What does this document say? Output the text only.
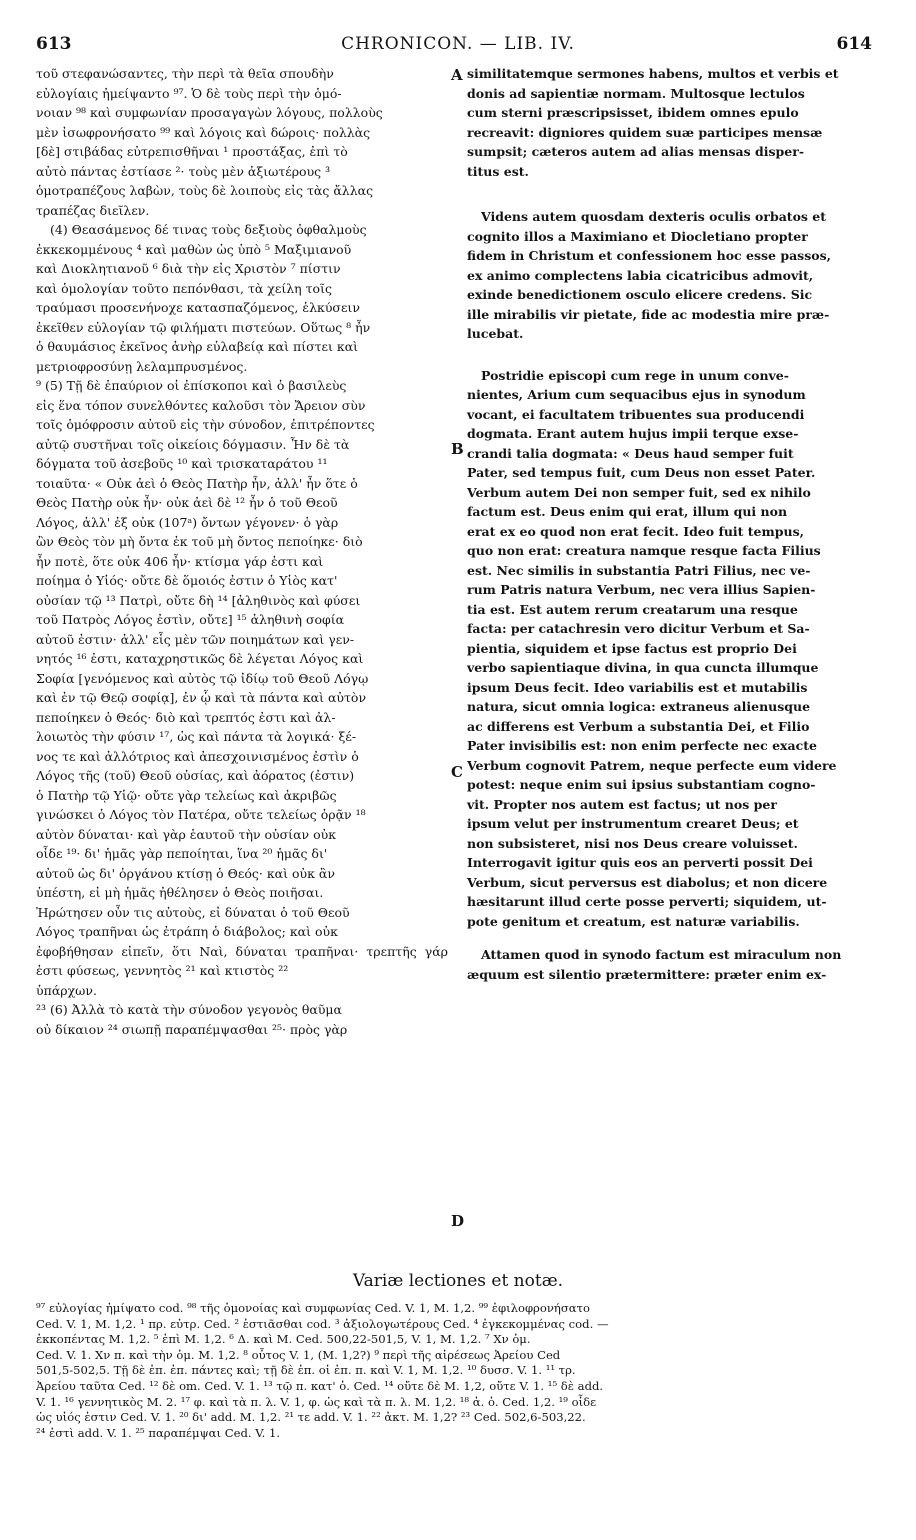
613	CHRONICON. — LIB. IV.	614

τοῦ στεφανώσαντες, τὴν περὶ τὰ θεῖα σπουδὴν
εὐλογίαις ἠμείψαντο ⁹⁷. Ὁ δὲ τοὺς περὶ τὴν ὁμό-
νοιαν ⁹⁸ καὶ συμφωνίαν προσαγαγὼν λόγους, πολλοὺς
μὲν ἰσωφρονήσατο ⁹⁹ καὶ λόγοις καὶ δώροις· πολλὰς
[δὲ] στιβάδας εὐτρεπισθῆναι ¹ προστάξας, ἐπὶ τὸ
αὐτὸ πάντας ἑστίασε ²· τοὺς μὲν ἀξιωτέρους ³
ὁμοτραπέζους λαβὼν, τοὺς δὲ λοιποὺς εἰς τὰς ἄλλας
τραπέζας διεῖλεν.

(4) Θεασάμενος δέ τινας τοὺς δεξιοὺς ὀφθαλμοὺς
ἐκκεκομμένους ⁴ καὶ μαθὼν ὡς ὑπὸ ⁵ Μαξιμιανοῦ
καὶ Διοκλητιανοῦ ⁶ διὰ τὴν εἰς Χριστὸν ⁷ πίστιν
καὶ ὁμολογίαν τοῦτο πεπόνθασι, τὰ χείλη τοῖς
τραύμασι προσενήνοχε κατασπαζόμενος, ἑλκύσειν
ἐκεῖθεν εὐλογίαν τῷ φιλήματι πιστεύων. Οὕτως ⁸ ἦν
ὁ θαυμάσιος ἐκεῖνος ἀνὴρ εὐλαβείᾳ καὶ πίστει καὶ
μετριοφροσύνῃ λελαμπρυσμένος.

⁹ (5) Τῇ δὲ ἐπαύριον οἱ ἐπίσκοποι καὶ ὁ βασιλεὺς
εἰς ἕνα τόπον συνελθόντες καλοῦσι τὸν Ἄρειον σὺν
τοῖς ὁμόφροσιν αὐτοῦ εἰς τὴν σύνοδον, ἐπιτρέποντες
αὐτῷ συστῆναι τοῖς οἰκείοις δόγμασιν. Ἦν δὲ τὰ
δόγματα τοῦ ἀσεβοῦς ¹⁰ καὶ τρισκαταράτου ¹¹
τοιαῦτα· « Οὐκ ἀεὶ ὁ Θεὸς Πατὴρ ἦν, ἀλλ' ἦν ὅτε ὁ
Θεὸς Πατὴρ οὐκ ἦν· οὐκ ἀεὶ δὲ ¹² ἦν ὁ τοῦ Θεοῦ
Λόγος, ἀλλ' ἐξ οὐκ (107ᵃ) ὄντων γέγονεν· ὁ γὰρ
ὢν Θεὸς τὸν μὴ ὄντα ἐκ τοῦ μὴ ὄντος πεποίηκε· διὸ
ἦν ποτὲ, ὅτε οὐκ 406 ἦν· κτίσμα γάρ ἐστι καὶ
ποίημα ὁ Υἱός· οὔτε δὲ ὅμοιός ἐστιν ὁ Υἱὸς κατ'
οὐσίαν τῷ ¹³ Πατρὶ, οὔτε δὴ ¹⁴ [ἀληθινὸς καὶ φύσει
τοῦ Πατρὸς Λόγος ἐστὶν, οὔτε] ¹⁵ ἀληθινὴ σοφία
αὐτοῦ ἐστιν· ἀλλ' εἷς μὲν τῶν ποιημάτων καὶ γεν-
νητός ¹⁶ ἐστι, καταχρηστικῶς δὲ λέγεται Λόγος καὶ
Σοφία [γενόμενος καὶ αὐτὸς τῷ ἰδίῳ τοῦ Θεοῦ Λόγῳ
καὶ ἐν τῷ Θεῷ σοφίᾳ], ἐν ᾧ καὶ τὰ πάντα καὶ αὐτὸν
πεποίηκεν ὁ Θεός· διὸ καὶ τρεπτός ἐστι καὶ ἀλ-
λοιωτὸς τὴν φύσιν ¹⁷, ὡς καὶ πάντα τὰ λογικά· ξέ-
νος τε καὶ ἀλλότριος καὶ ἀπεσχοινισμένος ἐστὶν ὁ
Λόγος τῆς (τοῦ) Θεοῦ οὐσίας, καὶ ἀόρατος (ἐστιν)
ὁ Πατὴρ τῷ Υἱῷ· οὔτε γὰρ τελείως καὶ ἀκριβῶς
γινώσκει ὁ Λόγος τὸν Πατέρα, οὔτε τελείως ὁρᾷν ¹⁸
αὐτὸν δύναται· καὶ γὰρ ἑαυτοῦ τὴν οὐσίαν οὐκ
οἶδε ¹⁹· δι' ἡμᾶς γὰρ πεποίηται, ἵνα ²⁰ ἡμᾶς δι'
αὐτοῦ ὡς δι' ὀργάνου κτίσῃ ὁ Θεός· καὶ οὐκ ἂν
ὑπέστη, εἰ μὴ ἡμᾶς ἠθέλησεν ὁ Θεὸς ποιῆσαι.
Ἠρώτησεν οὖν τις αὐτοὺς, εἰ δύναται ὁ τοῦ Θεοῦ
Λόγος τραπῆναι ὡς ἐτράπη ὁ διάβολος; καὶ οὐκ
ἐφοβήθησαν εἰπεῖν, ὅτι Ναὶ, δύναται τραπῆναι· τρεπτῆς γάρ ἐστι φύσεως, γεννητὸς ²¹ καὶ κτιστὸς ²²
ὑπάρχων.

²³ (6) Ἀλλὰ τὸ κατὰ τὴν σύνοδον γεγονὸς θαῦμα
οὐ δίκαιον ²⁴ σιωπῇ παραπέμψασθαι ²⁵· πρὸς γὰρ

A
B
C
D

similitatemque sermones habens, multos et verbis et
donis ad sapientiæ normam. Multosque lectulos
cum sterni præscripsisset, ibidem omnes epulo
recreavit: digniores quidem suæ participes mensæ
sumpsit; cæteros autem ad alias mensas disper-
titus est.

Videns autem quosdam dexteris oculis orbatos et
cognito illos a Maximiano et Diocletiano propter
fidem in Christum et confessionem hoc esse passos,
ex animo complectens labia cicatricibus admovit,
exinde benedictionem osculo elicere credens. Sic
ille mirabilis vir pietate, fide ac modestia mire præ-
lucebat.

Postridie episcopi cum rege in unum conve-
nientes, Arium cum sequacibus ejus in synodum
vocant, ei facultatem tribuentes sua producendi
dogmata. Erant autem hujus impii terque exse-
crandi talia dogmata: « Deus haud semper fuit
Pater, sed tempus fuit, cum Deus non esset Pater.
Verbum autem Dei non semper fuit, sed ex nihilo
factum est. Deus enim qui erat, illum qui non
erat ex eo quod non erat fecit. Ideo fuit tempus,
quo non erat: creatura namque resque facta Filius
est. Nec similis in substantia Patri Filius, nec ve-
rum Patris natura Verbum, nec vera illius Sapien-
tia est. Est autem rerum creatarum una resque
facta: per catachresin vero dicitur Verbum et Sa-
pientia, siquidem et ipse factus est proprio Dei
verbo sapientiaque divina, in qua cuncta illumque
ipsum Deus fecit. Ideo variabilis est et mutabilis
natura, sicut omnia logica: extraneus alienusque
ac differens est Verbum a substantia Dei, et Filio
Pater invisibilis est: non enim perfecte nec exacte
Verbum cognovit Patrem, neque perfecte eum videre
potest: neque enim sui ipsius substantiam cogno-
vit. Propter nos autem est factus; ut nos per
ipsum velut per instrumentum crearet Deus; et
non subsisteret, nisi nos Deus creare voluisset.
Interrogavit igitur quis eos an perverti possit Dei
Verbum, sicut perversus est diabolus; et non dicere
hæsitarunt illud certe posse perverti; siquidem, ut-
pote genitum et creatum, est naturæ variabilis.

Attamen quod in synodo factum est miraculum non
æquum est silentio prætermittere: præter enim ex-

Variæ lectiones et notæ.
⁹⁷ εὐλογίας ἠμίψατο cod. ⁹⁸ τῆς ὁμονοίας καὶ συμφωνίας Ced. V. 1, M. 1,2. ⁹⁹ ἐφιλοφρονήσατο
Ced. V. 1, M. 1,2. ¹ πρ. εὐτρ. Ced. ² ἑστιᾶσθαι cod. ³ ἀξιολογωτέρους Ced. ⁴ ἐγκεκομμένας cod. —
ἐκκοπέντας M. 1,2. ⁵ ἐπὶ M. 1,2. ⁶ Δ. καὶ M. Ced. 500,22-501,5, V. 1, M. 1,2. ⁷ Χν ὁμ.
Ced. V. 1. Χν π. καὶ τὴν ὁμ. M. 1,2. ⁸ οὗτος V. 1, (M. 1,2?) ⁹ περὶ τῆς αἱρέσεως Ἀρείου Ced
501,5-502,5. Τῇ δὲ ἐπ. ἐπ. πάντες καὶ; τῇ δὲ ἐπ. οἱ ἐπ. π. καὶ V. 1, M. 1,2. ¹⁰ δυσσ. V. 1. ¹¹ τρ.
Ἀρείου ταῦτα Ced. ¹² δὲ om. Ced. V. 1. ¹³ τῷ π. κατ' ὁ. Ced. ¹⁴ οὔτε δὲ M. 1,2, οὔτε V. 1. ¹⁵ δὲ add.
V. 1. ¹⁶ γεννητικὸς M. 2. ¹⁷ φ. καὶ τὰ π. λ. V. 1, φ. ὡς καὶ τὰ π. λ. M. 1,2. ¹⁸ ἀ. ὁ. Ced. 1,2. ¹⁹ οἶδε
ὡς υἱός ἐστιν Ced. V. 1. ²⁰ δι' add. M. 1,2. ²¹ τε add. V. 1. ²² ἀκτ. M. 1,2? ²³ Ced. 502,6-503,22.
²⁴ ἐστὶ add. V. 1. ²⁵ παραπέμψαι Ced. V. 1.
